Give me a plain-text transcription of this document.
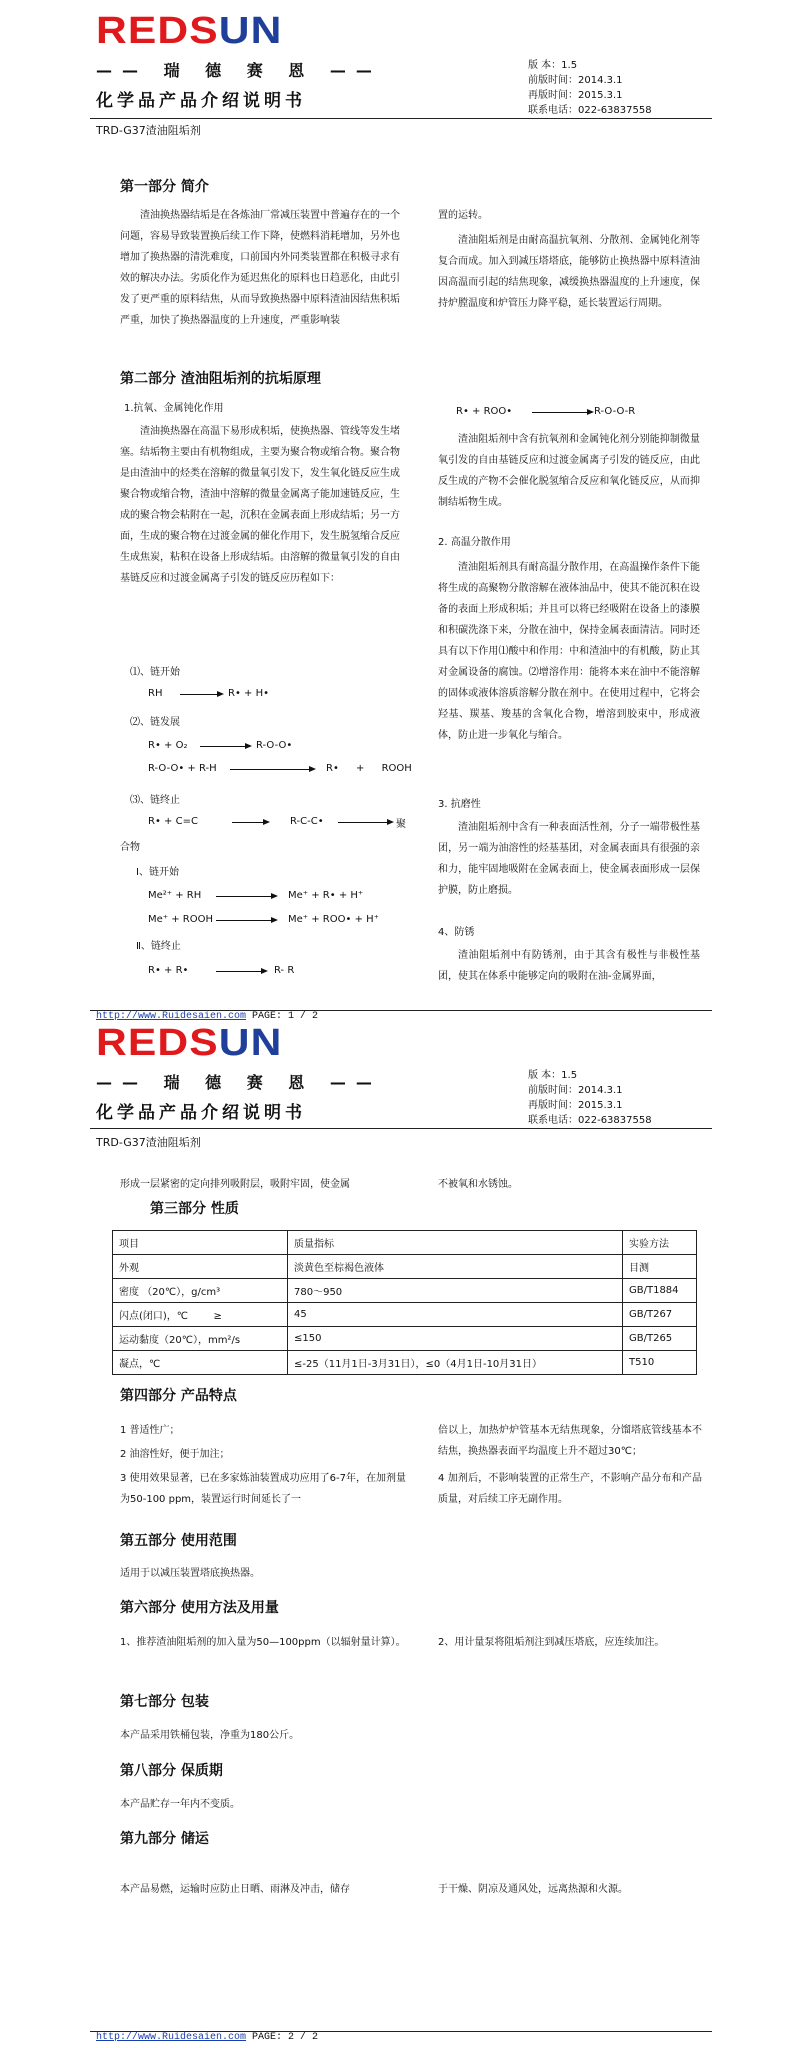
REDSUN
—— 瑞 德 赛 恩 ——
化学品产品介绍说明书
版 本：1.5
前版时间：2014.3.1
再版时间：2015.3.1
联系电话：022-63837558
TRD-G37渣油阻垢剂
第一部分 简介
渣油换热器结垢是在各炼油厂常减压装置中普遍存在的一个问题，容易导致装置换后续工作下降，使燃料消耗增加，另外也增加了换热器的清洗难度，口前国内外同类装置都在积极寻求有效的解决办法。劣质化作为延迟焦化的原料也日趋恶化，由此引发了更严重的原料结焦，从而导致换热器中原料渣油因结焦积垢严重，加快了换热器温度的上升速度，严重影响装
置的运转。
渣油阻垢剂是由耐高温抗氧剂、分散剂、金属钝化剂等复合而成。加入到减压塔塔底，能够防止换热器中原料渣油因高温而引起的结焦现象，减缓换热器温度的上升速度，保持炉膛温度和炉管压力降平稳，延长装置运行周期。
第二部分 渣油阻垢剂的抗垢原理
1.抗氧、金属钝化作用
渣油换热器在高温下易形成积垢，使换热器、管线等发生堵塞。结垢物主要由有机物组成，主要为聚合物或缩合物。聚合物是由渣油中的烃类在溶解的微量氧引发下，发生氧化链反应生成聚合物或缩合物，渣油中溶解的微量金属离子能加速链反应，生成的聚合物会粘附在一起，沉积在金属表面上形成结垢；另一方面，生成的聚合物在过渡金属的催化作用下，发生脱氢缩合反应生成焦炭，粘积在设备上形成结垢。由溶解的微量氧引发的自由基链反应和过渡金属离子引发的链反应历程如下：
⑴、链开始
RH	R• + H•
⑵、链发展
R• + O₂	R-O-O•
R-O-O• + R-H	R• + ROOH
⑶、链终止
R• + C=C	R-C-C•	聚
合物
Ⅰ、链开始
Me²⁺ + RH	Me⁺ + R• + H⁺
Me⁺ + ROOH	Me⁺ + ROO• + H⁺
Ⅱ、链终止
R• + R•	R- R
R• + ROO•	R-O-O-R
渣油阻垢剂中含有抗氧剂和金属钝化剂分别能抑制微量氧引发的自由基链反应和过渡金属离子引发的链反应，由此反生成的产物不会催化脱氢缩合反应和氧化链反应，从而抑制结垢物生成。
2. 高温分散作用
渣油阻垢剂具有耐高温分散作用，在高温操作条件下能将生成的高聚物分散溶解在液体油品中，使其不能沉积在设备的表面上形成积垢；并且可以将已经吸附在设备上的漆膜和积碳洗涤下来，分散在油中，保持金属表面清洁。同时还具有以下作用⑴酸中和作用：中和渣油中的有机酸，防止其对金属设备的腐蚀。⑵增溶作用：能将本来在油中不能溶解的固体或液体溶质溶解分散在剂中。在使用过程中，它将会羟基、羰基、羧基的含氧化合物，增溶到胶束中，形成液体，防止进一步氧化与缩合。
3. 抗磨性
渣油阻垢剂中含有一种表面活性剂，分子一端带极性基团，另一端为油溶性的烃基基团，对金属表面具有很强的亲和力，能牢固地吸附在金属表面上，使金属表面形成一层保护膜，防止磨损。
4、防锈
渣油阻垢剂中有防锈剂，由于其含有极性与非极性基团，使其在体系中能够定向的吸附在油-金属界面，
http://www.Ruidesaien.com PAGE: 1 / 2
REDSUN
—— 瑞 德 赛 恩 ——
化学品产品介绍说明书
版 本：1.5
前版时间：2014.3.1
再版时间：2015.3.1
联系电话：022-63837558
TRD-G37渣油阻垢剂
形成一层紧密的定向排列吸附层，吸附牢固，使金属	不被氧和水锈蚀。
第三部分 性质
项目	质量指标	实验方法
外观	淡黄色至棕褐色液体	目测
密度 （20℃），g/cm³	780～950	GB/T1884
闪点(闭口)，℃        ≥	45	GB/T267
运动黏度（20℃），mm²/s	≤150	GB/T265
凝点，℃	≤-25（11月1日-3月31日），≤0（4月1日-10月31日）	T510
第四部分 产品特点
1 普适性广；
2 油溶性好，便于加注；
3 使用效果显著，已在多家炼油装置成功应用了6-7年，在加剂量为50-100 ppm，装置运行时间延长了一
倍以上，加热炉炉管基本无结焦现象，分馏塔底管线基本不结焦，换热器表面平均温度上升不超过30℃；
4 加剂后，不影响装置的正常生产，不影响产品分布和产品质量，对后续工序无副作用。
第五部分 使用范围
适用于以减压装置塔底换热器。
第六部分 使用方法及用量
1、推荐渣油阻垢剂的加入量为50—100ppm（以辐射量计算）。	2、用计量泵将阻垢剂注到减压塔底，应连续加注。
第七部分 包装
本产品采用铁桶包装，净重为180公斤。
第八部分 保质期
本产品贮存一年内不变质。
第九部分 储运
本产品易燃，运输时应防止日晒、雨淋及冲击，储存	于干燥、阴凉及通风处，远离热源和火源。
http://www.Ruidesaien.com PAGE: 2 / 2
